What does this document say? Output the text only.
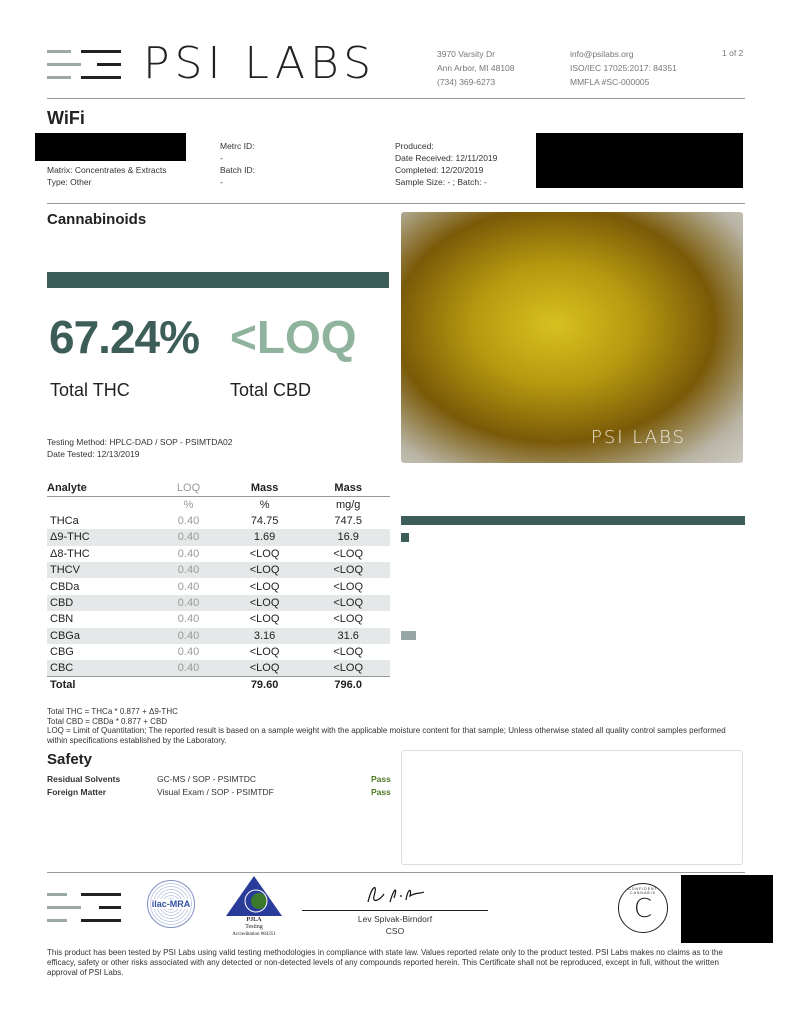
PSI LABS	3970 Varsity Dr
Ann Arbor, MI 48108
(734) 369-6273
info@psilabs.org
ISO/IEC 17025:2017: 84351
MMFLA #SC-000005
1 of 2
WiFi
Matrix: Concentrates & Extracts
Type: Other
Metrc ID:
-
Batch ID:
-
Produced:
Date Received: 12/11/2019
Completed: 12/20/2019
Sample Size: - ; Batch: -
Cannabinoids
67.24% <LOQ
Total THC	Total CBD
Testing Method: HPLC-DAD / SOP - PSIMTDA02
Date Tested: 12/13/2019
PSI LABS
Analyte	LOQ	Mass	Mass
	%	%	mg/g
THCa	0.40	74.75	747.5
Δ9-THC	0.40	1.69	16.9
Δ8-THC	0.40	<LOQ	<LOQ
THCV	0.40	<LOQ	<LOQ
CBDa	0.40	<LOQ	<LOQ
CBD	0.40	<LOQ	<LOQ
CBN	0.40	<LOQ	<LOQ
CBGa	0.40	3.16	31.6
CBG	0.40	<LOQ	<LOQ
CBC	0.40	<LOQ	<LOQ
Total		79.60	796.0
Total THC = THCa * 0.877 + Δ9-THC
Total CBD = CBDa * 0.877 + CBD
LOQ = Limit of Quantitation; The reported result is based on a sample weight with the applicable moisture content for that sample; Unless otherwise stated all quality control samples performed within specifications established by the Laboratory.
Safety
Residual Solvents	GC-MS / SOP - PSIMTDC	Pass
Foreign Matter	Visual Exam / SOP - PSIMTDF	Pass
ilac-MRA
PJLA
Testing
Accreditation #84351
Lev Spivak-Birndorf
CSO
CONFIDENT CANNABIS
C
This product has been tested by PSI Labs using valid testing methodologies in compliance with state law. Values reported relate only to the product tested. PSI Labs makes no claims as to the efficacy, safety or other risks associated with any detected or non-detected levels of any compounds reported herein. This Certificate shall not be reproduced, except in full, without the written approval of PSI Labs.
